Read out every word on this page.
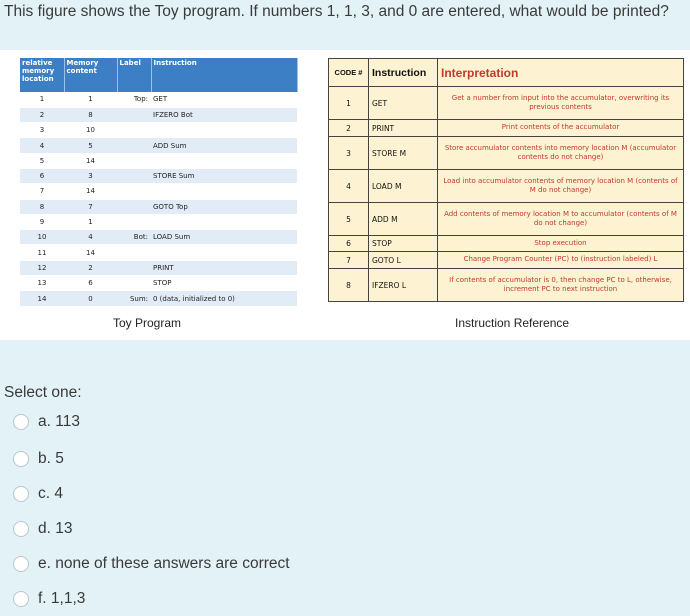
This figure shows the Toy program. If numbers 1, 1, 3, and 0 are entered, what would be printed?
relative memory location	Memory content	Label	Instruction
1	1	Top:	GET
2	8		IFZERO Bot
3	10		
4	5		ADD Sum
5	14		
6	3		STORE Sum
7	14		
8	7		GOTO Top
9	1		
10	4	Bot:	LOAD Sum
11	14		
12	2		PRINT
13	6		STOP
14	0	Sum:	0 (data, initialized to 0)
Toy Program
CODE #	Instruction	Interpretation
1	GET	Get a number from input into the accumulator, overwriting its previous contents
2	PRINT	Print contents of the accumulator
3	STORE M	Store accumulator contents into memory location M (accumulator contents do not change)
4	LOAD M	Load into accumulator contents of memory location M (contents of M do not change)
5	ADD M	Add contents of memory location M to accumulator (contents of M do not change)
6	STOP	Stop execution
7	GOTO L	Change Program Counter (PC) to (instruction labeled) L
8	IFZERO L	If contents of accumulator is 0, then change PC to L, otherwise, increment PC to next instruction
Instruction Reference
Select one:
a. 113
b. 5
c. 4
d. 13
e. none of these answers are correct
f. 1,1,3
